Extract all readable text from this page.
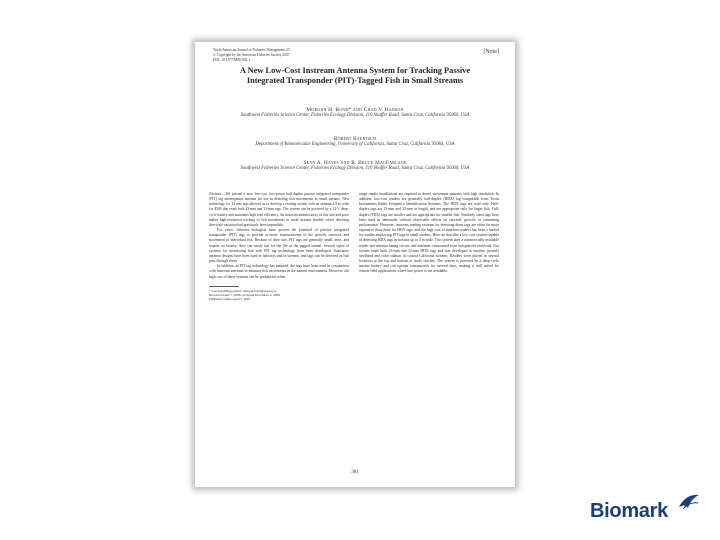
North American Journal of Fisheries Management 27:
© Copyright by the American Fisheries Society 2007
DOI: 10.1577/M06-094.1
[Note]
A New Low-Cost Instream Antenna System for Tracking Passive Integrated Transponder (PIT)-Tagged Fish in Small Streams
Morgan H. Bond* and Chad V. Hanson
Southwest Fisheries Science Center, Fisheries Ecology Division, 110 Shaffer Road, Santa Cruz, California 95060, USA
Robert Baertsch
Department of Biomolecular Engineering, University of California, Santa Cruz, California 95064, USA
Sean A. Hayes and R. Bruce MacFarlane
Southwest Fisheries Science Center, Fisheries Ecology Division, 110 Shaffer Road, Santa Cruz, California 95060, USA

Abstract.—We present a new, low-cost, low-power half-duplex passive integrated transponder (PIT) tag interrogation antenna for use in detecting fish movements in small streams. New technology for 32-mm tags allowed us to develop a reading system with an antenna 2.9 m wide for $300 that reads both 23-mm and 32-mm tags. The system can be powered by a 12-V deep-cycle battery and maintains high read efficiency. An instream antenna array of this size and price makes high-resolution tracking of fish movements in small streams feasible where detecting fine-scale variation had previously been impossible.

For years, fisheries biologists have proven the potential of passive integrated transponder (PIT) tags to provide accurate measurements of the growth, survival, and movement of individual fish. Because of their size, PIT tags are generally small, inert, and require no battery; they can easily last for the life of the tagged animal. Several types of systems for monitoring fish with PIT tag technology have been developed. Stationary antenna designs have been used in fishways and in streams, and tags can be detected as fish pass through them.

In addition, as PIT tag technology has matured, the tags have been used in conjunction with instream antennas to measure fish movements in the natural environment. However, the high cost of these systems can be prohibitive when

* Corresponding author: morgan.bond@noaa.gov
Received April 7, 2006; accepted December 2, 2006
Published online April 2, 2007

range reader installations are required to detect movement patterns with high resolution. In addition, low-cost readers are generally half-duplex (HDX) tag compatible from Texas Instruments Radio Frequency Identification Systems. The HDX tags are read only. Half-duplex tags are 23-mm and 32-mm in length, and are appropriate only for larger fish. Full-duplex (FDX) tags are smaller and are appropriate for smaller fish. Similarly sized tags have been used in salmonids without observable effects on survival, growth, or swimming performance. However, instream reading systems for detecting these tags are often far more expensive than those for HDX tags, and the high cost of instream readers has been a barrier for studies employing PIT tags in small streams. Here we describe a low-cost system capable of detecting HDX tags in streams up to 3 m wide. This system uses a commercially available reader and antenna tuning circuit, and antennas constructed from inexpensive materials. Our system reads both 23-mm and 32-mm HDX tags and was developed to monitor juvenile steelhead and coho salmon in coastal California streams. Readers were placed in several locations at the top and bottom of study reaches. The system is powered by a deep-cycle marine battery and can operate continuously for several days, making it well suited for remote field applications where line power is not available.

381
Biomark
